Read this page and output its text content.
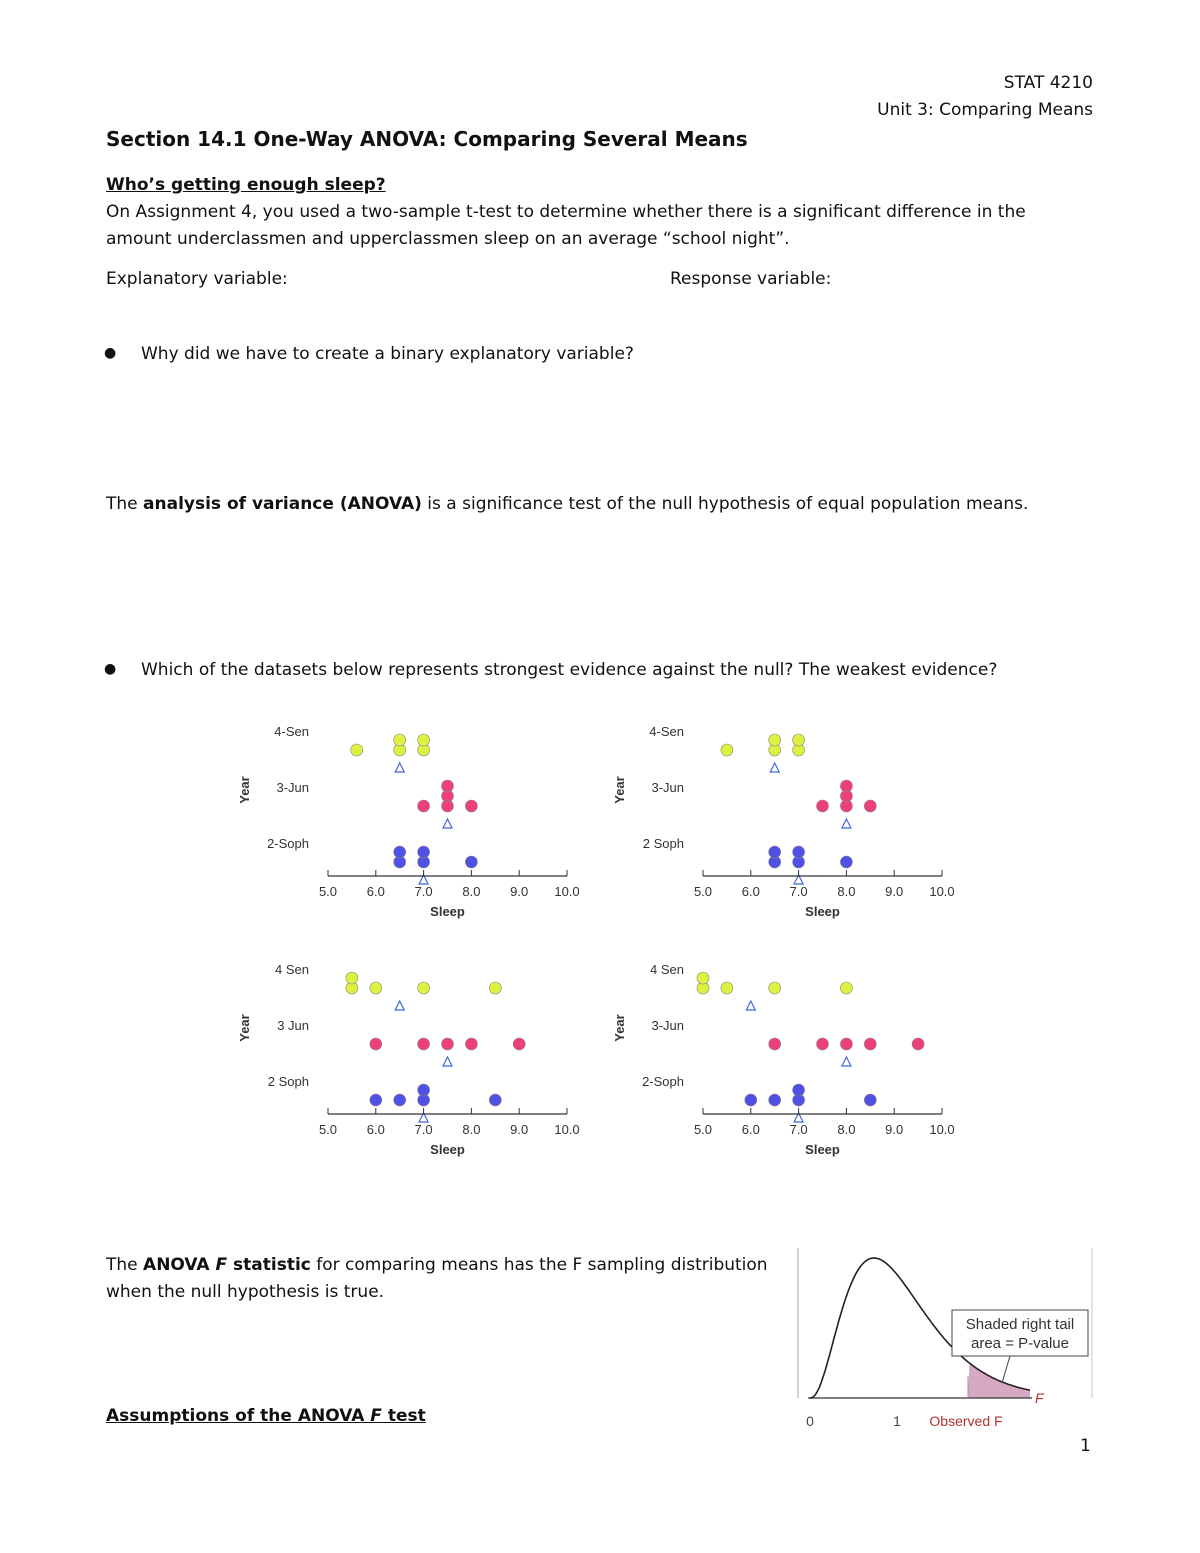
STAT 4210

Unit 3: Comparing Means

Section 14.1 One-Way ANOVA: Comparing Several Means

Who’s getting enough sleep?

On Assignment 4, you used a two-sample t-test to determine whether there is a significant difference in the amount underclassmen and upperclassmen sleep on an average “school night”.

Explanatory variable:	Response variable:

● Why did we have to create a binary explanatory variable?

The analysis of variance (ANOVA) is a significance test of the null hypothesis of equal population means.

● Which of the datasets below represents strongest evidence against the null? The weakest evidence?

Year
4-Sen
3-Jun
2-Soph
5.0 6.0 7.0 8.0 9.0 10.0
Sleep
Year
4-Sen
3-Jun
2 Soph
5.0 6.0 7.0 8.0 9.0 10.0
Sleep
Year
4 Sen
3 Jun
2 Soph
5.0 6.0 7.0 8.0 9.0 10.0
Sleep
Year
4 Sen
3-Jun
2-Soph
5.0 6.0 7.0 8.0 9.0 10.0
Sleep

The ANOVA F statistic for comparing means has the F sampling distribution
when the null hypothesis is true.

Assumptions of the ANOVA F test

Shaded right tail
area = P-value
F
0	1 Observed F

1
